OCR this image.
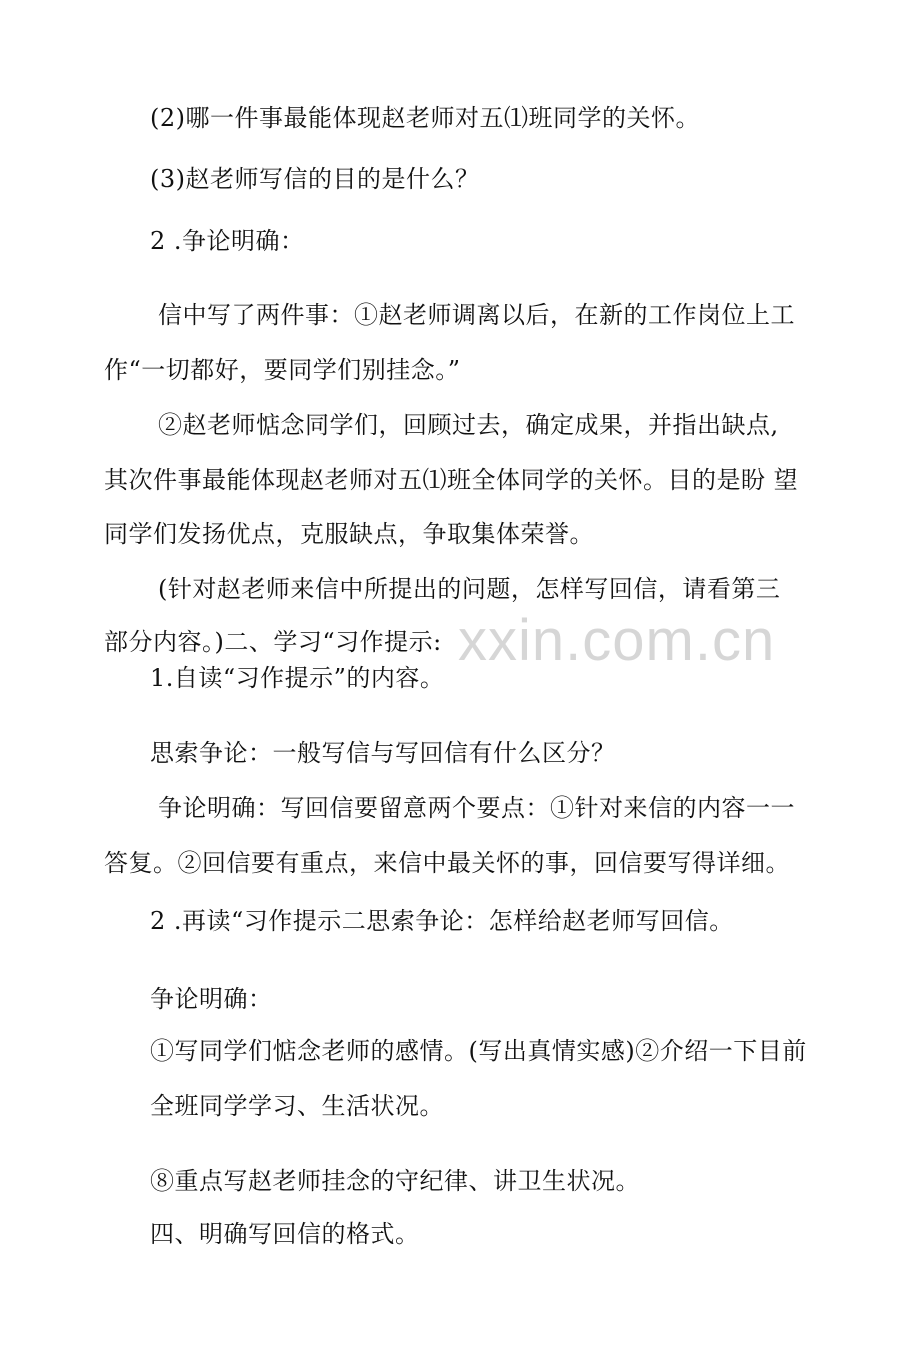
(2)哪一件事最能体现赵老师对五⑴班同学的关怀。
(3)赵老师写信的目的是什么？
2 .争论明确：
信中写了两件事：①赵老师调离以后，在新的工作岗位上工
作“一切都好，要同学们别挂念。”
②赵老师惦念同学们，回顾过去，确定成果，并指出缺点,
其次件事最能体现赵老师对五⑴班全体同学的关怀。目的是盼 望
同学们发扬优点，克服缺点，争取集体荣誉。
(针对赵老师来信中所提出的问题，怎样写回信，请看第三
部分内容。)二、学习“习作提示:
1.自读“习作提示”的内容。
思索争论：一般写信与写回信有什么区分？
争论明确：写回信要留意两个要点：①针对来信的内容一一
答复。②回信要有重点，来信中最关怀的事，回信要写得详细。
2 .再读“习作提示二思索争论：怎样给赵老师写回信。
争论明确：
①写同学们惦念老师的感情。(写出真情实感)②介绍一下目前
全班同学学习、生活状况。
⑧重点写赵老师挂念的守纪律、讲卫生状况。
四、明确写回信的格式。
xxin.com.cn
